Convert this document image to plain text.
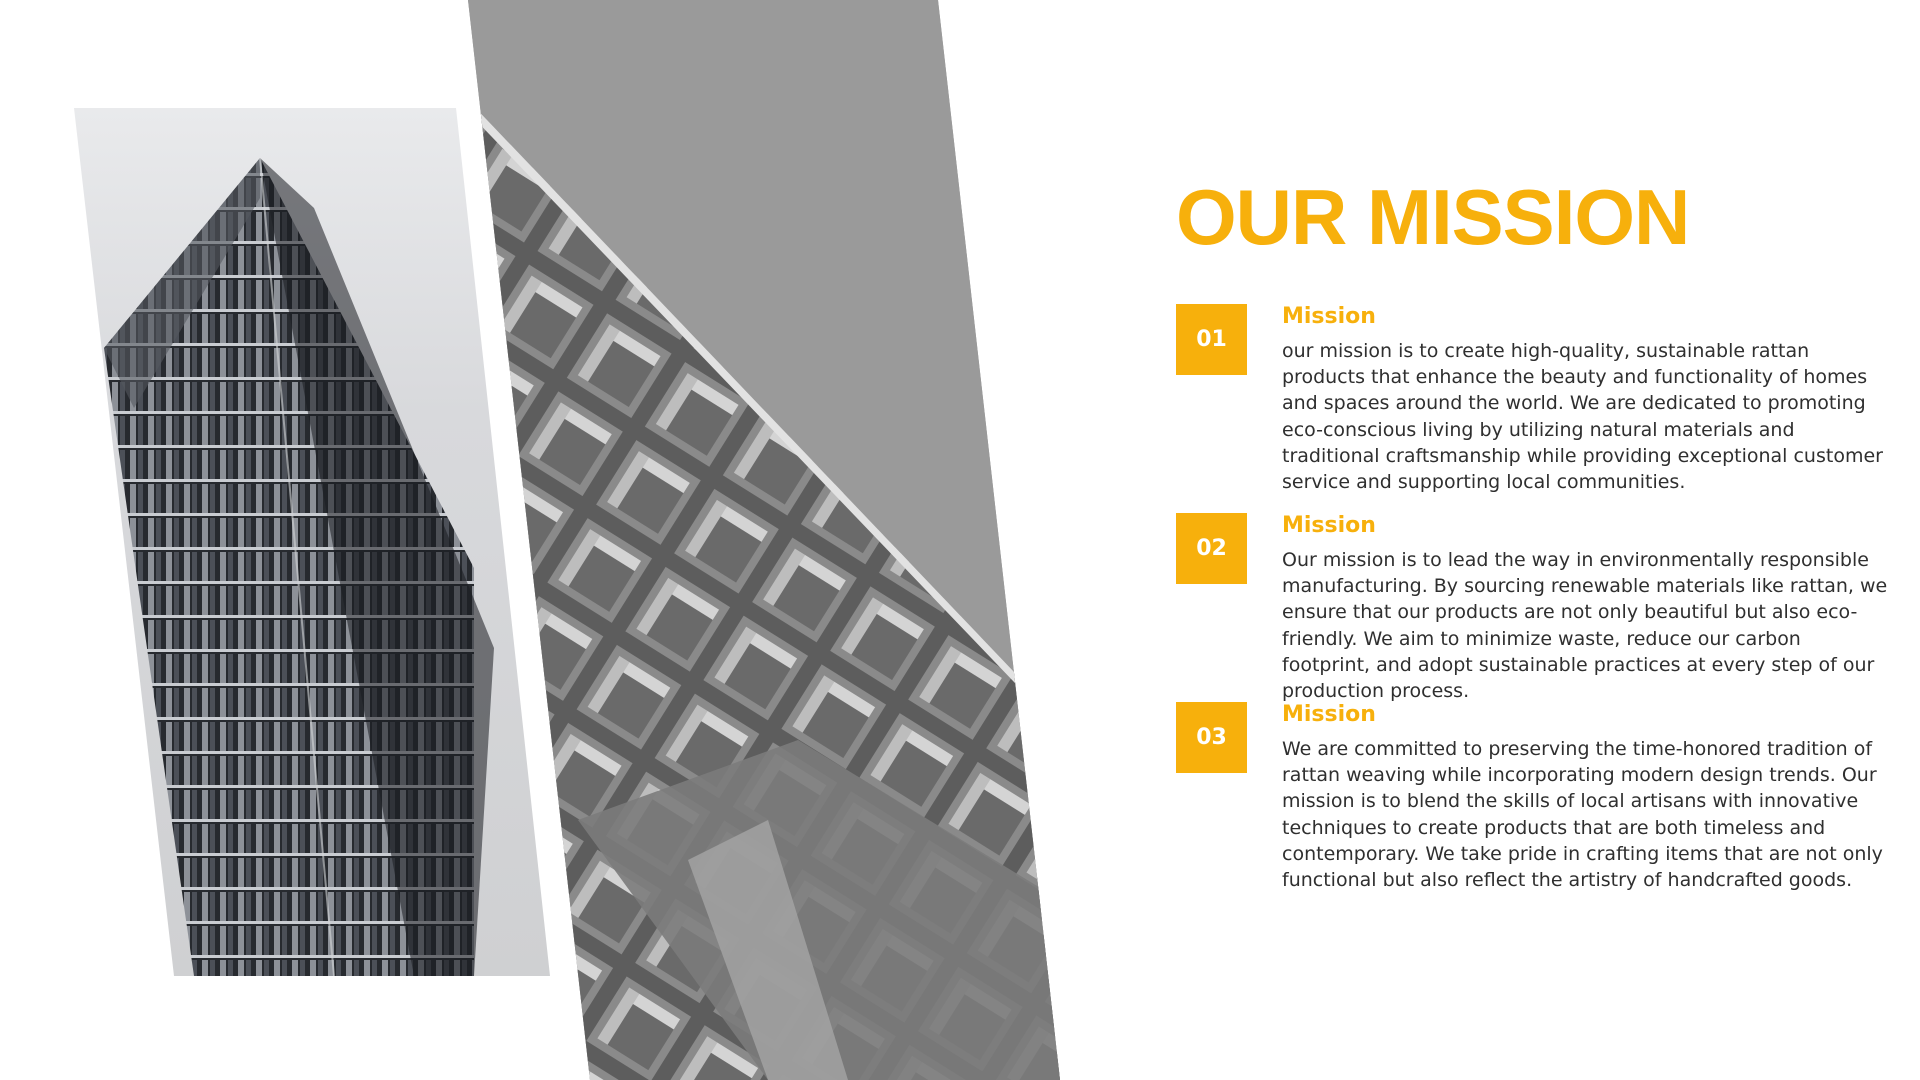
OUR MISSION
01
Mission
our mission is to create high-quality, sustainable rattan products that enhance the beauty and functionality of homes and spaces around the world. We are dedicated to promoting eco-conscious living by utilizing natural materials and traditional craftsmanship while providing exceptional customer service and supporting local communities.
02
Mission
Our mission is to lead the way in environmentally responsible manufacturing. By sourcing renewable materials like rattan, we ensure that our products are not only beautiful but also eco-friendly. We aim to minimize waste, reduce our carbon footprint, and adopt sustainable practices at every step of our production process.
03
Mission
We are committed to preserving the time-honored tradition of rattan weaving while incorporating modern design trends. Our mission is to blend the skills of local artisans with innovative techniques to create products that are both timeless and contemporary. We take pride in crafting items that are not only functional but also reflect the artistry of handcrafted goods.
